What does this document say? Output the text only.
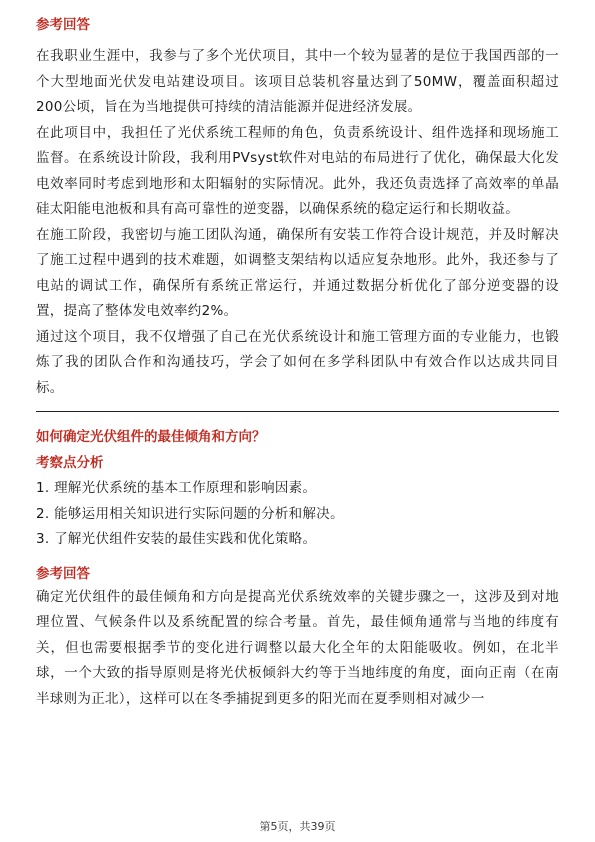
参考回答

在我职业生涯中，我参与了多个光伏项目，其中一个较为显著的是位于我国西部的一个大型地面光伏发电站建设项目。该项目总装机容量达到了50MW，覆盖面积超过200公顷，旨在为当地提供可持续的清洁能源并促进经济发展。

在此项目中，我担任了光伏系统工程师的角色，负责系统设计、组件选择和现场施工监督。在系统设计阶段，我利用PVsyst软件对电站的布局进行了优化，确保最大化发电效率同时考虑到地形和太阳辐射的实际情况。此外，我还负责选择了高效率的单晶硅太阳能电池板和具有高可靠性的逆变器，以确保系统的稳定运行和长期收益。

在施工阶段，我密切与施工团队沟通，确保所有安装工作符合设计规范，并及时解决了施工过程中遇到的技术难题，如调整支架结构以适应复杂地形。此外，我还参与了电站的调试工作，确保所有系统正常运行，并通过数据分析优化了部分逆变器的设置，提高了整体发电效率约2%。

通过这个项目，我不仅增强了自己在光伏系统设计和施工管理方面的专业能力，也锻炼了我的团队合作和沟通技巧，学会了如何在多学科团队中有效合作以达成共同目标。

如何确定光伏组件的最佳倾角和方向？

考察点分析

1. 理解光伏系统的基本工作原理和影响因素。

2. 能够运用相关知识进行实际问题的分析和解决。

3. 了解光伏组件安装的最佳实践和优化策略。

参考回答

确定光伏组件的最佳倾角和方向是提高光伏系统效率的关键步骤之一，这涉及到对地理位置、气候条件以及系统配置的综合考量。首先，最佳倾角通常与当地的纬度有关，但也需要根据季节的变化进行调整以最大化全年的太阳能吸收。例如，在北半球，一个大致的指导原则是将光伏板倾斜大约等于当地纬度的角度，面向正南（在南半球则为正北），这样可以在冬季捕捉到更多的阳光而在夏季则相对减少一

第5页，共39页
